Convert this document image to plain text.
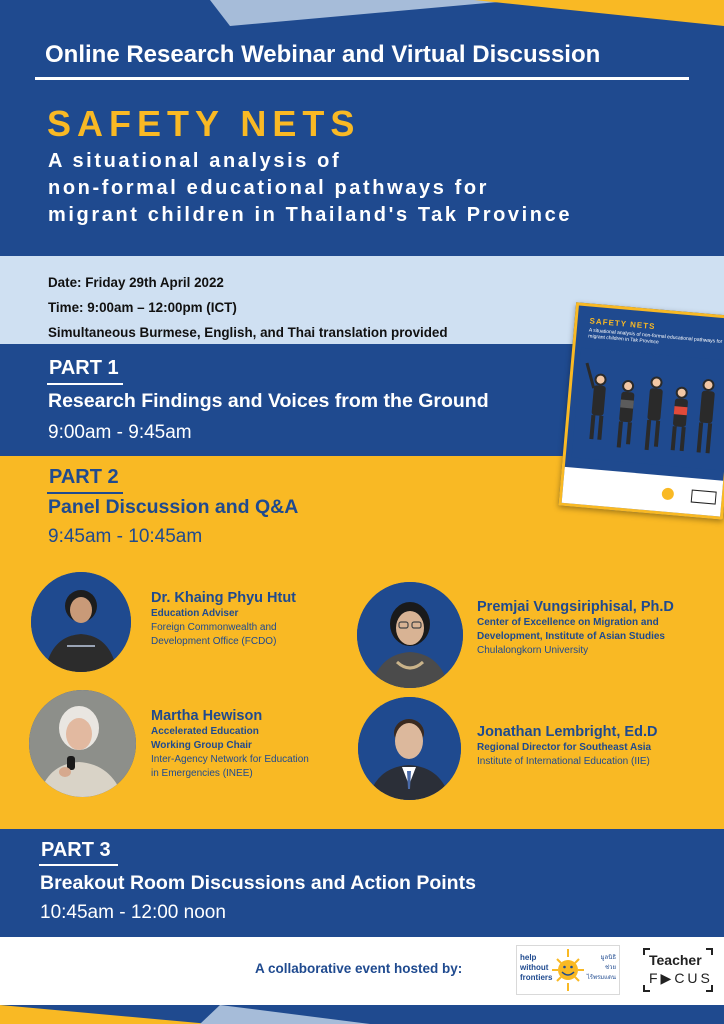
Online Research Webinar and Virtual Discussion
SAFETY NETS
A situational analysis of
non-formal educational pathways for
migrant children in Thailand's Tak Province
Date: Friday 29th April 2022
Time: 9:00am – 12:00pm (ICT)
Simultaneous Burmese, English, and Thai translation provided
PART 1
Research Findings and Voices from the Ground
9:00am - 9:45am
PART 2
Panel Discussion and Q&A
9:45am - 10:45am
SAFETY NETS
A situational analysis of non-formal educational pathways for migrant children in Tak Province
Dr. Khaing Phyu Htut
Education Adviser
Foreign Commonwealth and
Development Office (FCDO)
Premjai Vungsiriphisal, Ph.D
Center of Excellence on Migration and
Development, Institute of Asian Studies
Chulalongkorn University
Martha Hewison
Accelerated Education
Working Group Chair
Inter-Agency Network for Education
in Emergencies (INEE)
Jonathan Lembright, Ed.D
Regional Director for Southeast Asia
Institute of International Education (IIE)
PART 3
Breakout Room Discussions and Action Points
10:45am - 12:00 noon
A collaborative event hosted by:
help
without
frontiers
มูลนิธิ
ช่วย
ไร้พรมแดน
Teacher
F▶CUS
